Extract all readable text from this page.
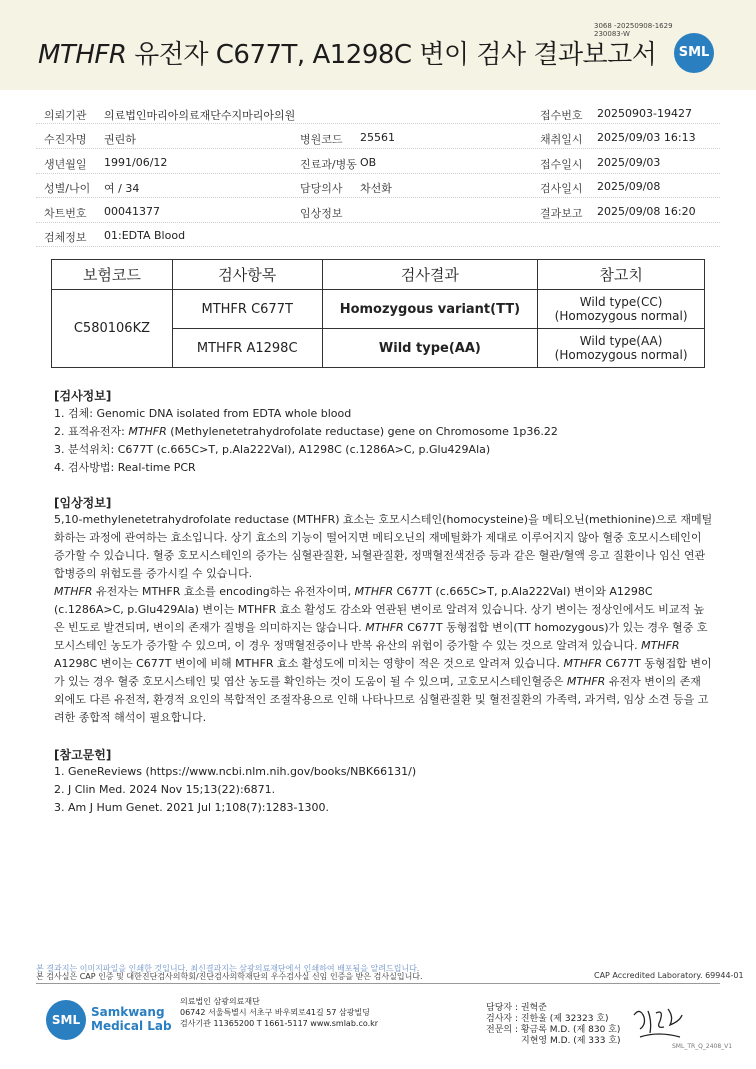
MTHFR 유전자 C677T, A1298C 변이 검사 결과보고서
3068 -20250908-1629
230083-W
SML
의뢰기관 의료법인마리아의료재단수지마리아의원	접수번호 20250903-19427
수진자명 권린하	병원코드 25561	채취일시 2025/09/03 16:13
생년월일 1991/06/12	진료과/병동 OB	접수일시 2025/09/03
성별/나이 여 / 34	담당의사 차선화	검사일시 2025/09/08
차트번호 00041377	임상정보	결과보고 2025/09/08 16:20
검체정보 01:EDTA Blood
보험코드	검사항목	검사결과	참고치
C580106KZ	MTHFR C677T	Homozygous variant(TT)	Wild type(CC)
(Homozygous normal)

	MTHFR A1298C	Wild type(AA)	Wild type(AA)
(Homozygous normal)
[검사정보]
1. 검체: Genomic DNA isolated from EDTA whole blood
2. 표적유전자: MTHFR (Methylenetetrahydrofolate reductase) gene on Chromosome 1p36.22
3. 분석위치: C677T (c.665C>T, p.Ala222Val), A1298C (c.1286A>C, p.Glu429Ala)
4. 검사방법: Real-time PCR
[임상정보]

5,10-methylenetetrahydrofolate reductase (MTHFR) 효소는 호모시스테인(homocysteine)을 메티오닌(methionine)으로 재메틸화하는 과정에 관여하는 효소입니다. 상기 효소의 기능이 떨어지면 메티오닌의 재메틸화가 제대로 이루어지지 않아 혈중 호모시스테인이 증가할 수 있습니다. 혈중 호모시스테인의 증가는 심혈관질환, 뇌혈관질환, 정맥혈전색전증 등과 같은 혈관/혈액 응고 질환이나 임신 연관 합병증의 위험도를 증가시킬 수 있습니다.

MTHFR 유전자는 MTHFR 효소를 encoding하는 유전자이며, MTHFR C677T (c.665C>T, p.Ala222Val) 변이와 A1298C (c.1286A>C, p.Glu429Ala) 변이는 MTHFR 효소 활성도 감소와 연관된 변이로 알려져 있습니다. 상기 변이는 정상인에서도 비교적 높은 빈도로 발견되며, 변이의 존재가 질병을 의미하지는 않습니다. MTHFR C677T 동형접합 변이(TT homozygous)가 있는 경우 혈중 호모시스테인 농도가 증가할 수 있으며, 이 경우 정맥혈전증이나 반복 유산의 위험이 증가할 수 있는 것으로 알려져 있습니다. MTHFR A1298C 변이는 C677T 변이에 비해 MTHFR 효소 활성도에 미치는 영향이 적은 것으로 알려져 있습니다. MTHFR C677T 동형접합 변이가 있는 경우 혈중 호모시스테인 및 엽산 농도를 확인하는 것이 도움이 될 수 있으며, 고호모시스테인혈증은 MTHFR 유전자 변이의 존재 외에도 다른 유전적, 환경적 요인의 복합적인 조절작용으로 인해 나타나므로 심혈관질환 및 혈전질환의 가족력, 과거력, 임상 소견 등을 고려한 종합적 해석이 필요합니다.

[참고문헌]
1. GeneReviews (https://www.ncbi.nlm.nih.gov/books/NBK66131/)
2. J Clin Med. 2024 Nov 15;13(22):6871.
3. Am J Hum Genet. 2021 Jul 1;108(7):1283-1300.
본 결과지는 이미지파일을 인쇄한 것입니다. 최신결과지는 삼광의료재단에서 인쇄하여 배포됨을 알려드립니다.
본 검사실은 CAP 인증 및 대한진단검사의학회/진단검사의학재단의 우수검사실 신임 인증을 받은 검사실입니다.	CAP Accredited Laboratory. 69944-01
SML
Samkwang
Medical Lab
의료법인 삼광의료재단
06742 서울특별시 서초구 바우뫼로41길 57 삼광빌딩
검사기관 11365200 T 1661-5117 www.smlab.co.kr
담당자 : 권혁준
검사자 : 진한울 (제 32323 호)
전문의 : 황금록 M.D. (제 830 호)
지현영 M.D. (제 333 호)
SML_TR_Q_2408_V1
